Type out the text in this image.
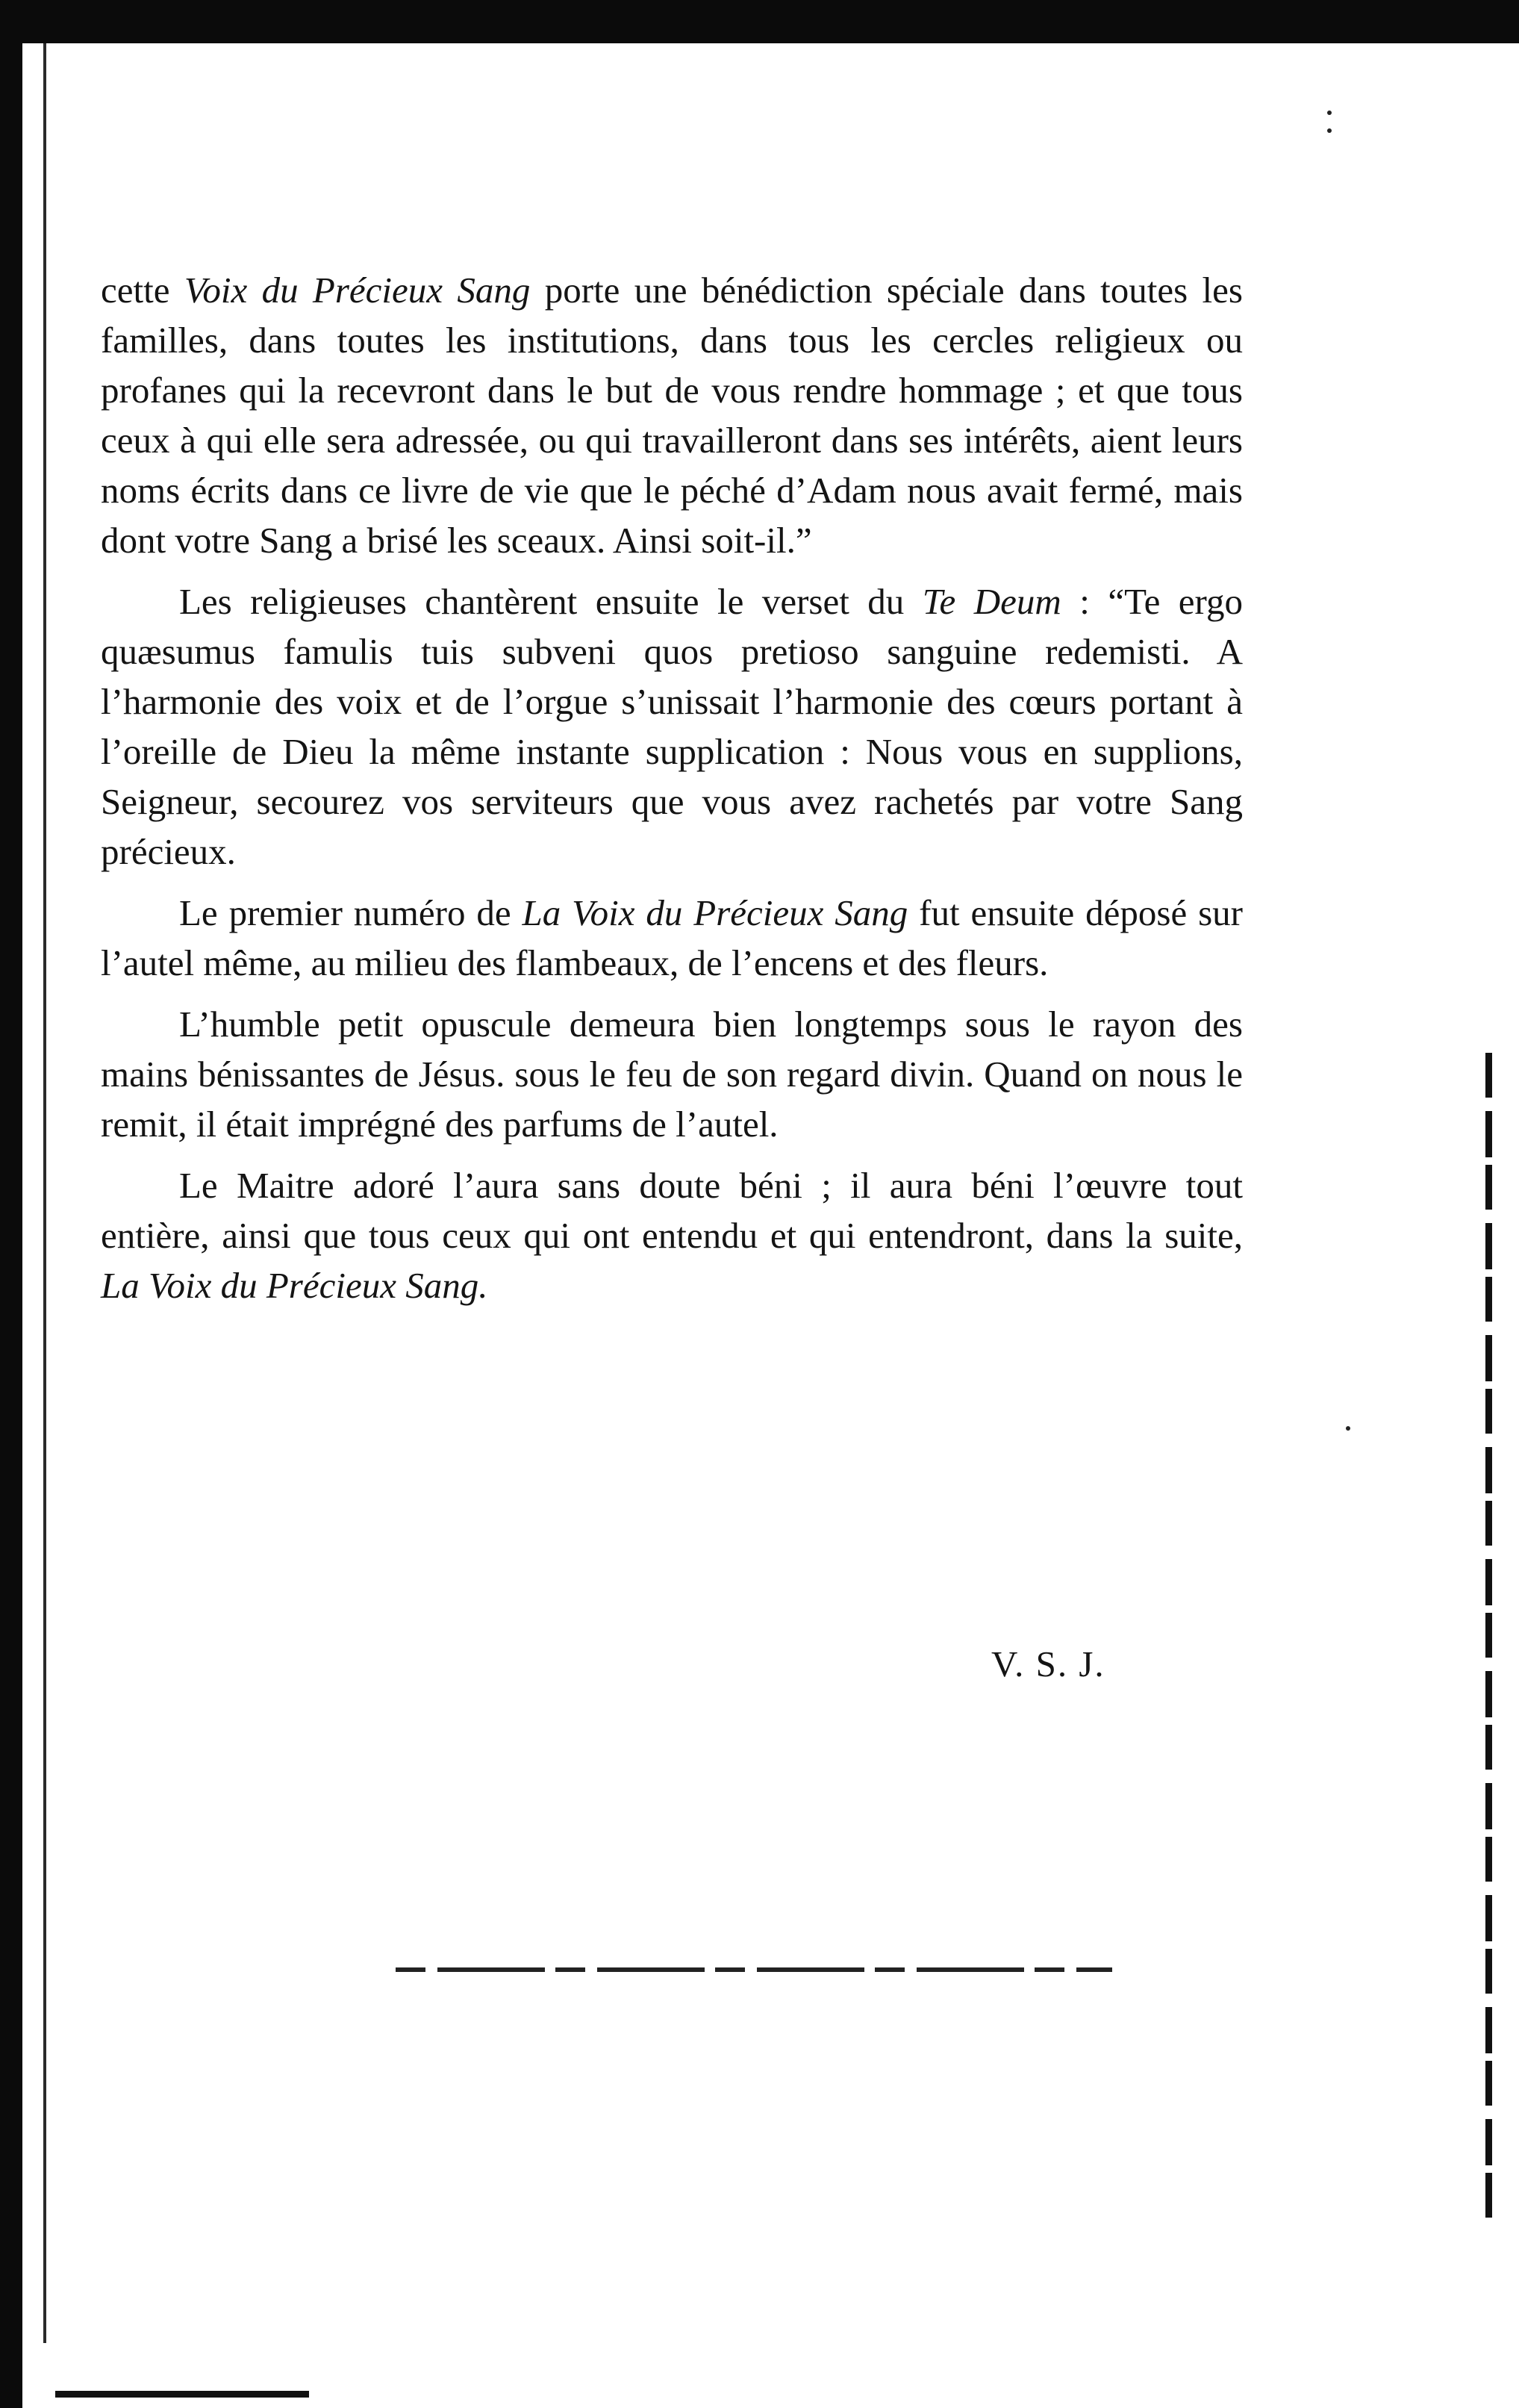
cette Voix du Précieux Sang porte une bénédiction spéciale dans toutes les familles, dans toutes les institutions, dans tous les cercles religieux ou profanes qui la recevront dans le but de vous rendre hommage ; et que tous ceux à qui elle sera adressée, ou qui travailleront dans ses intérêts, aient leurs noms écrits dans ce livre de vie que le péché d’Adam nous avait fermé, mais dont votre Sang a brisé les sceaux. Ainsi soit-il.”

Les religieuses chantèrent ensuite le verset du Te Deum : “Te ergo quæsumus famulis tuis subveni quos pretioso sanguine redemisti. A l’harmonie des voix et de l’orgue s’unissait l’harmonie des cœurs portant à l’oreille de Dieu la même instante supplication : Nous vous en supplions, Seigneur, secourez vos serviteurs que vous avez rachetés par votre Sang précieux.

Le premier numéro de La Voix du Précieux Sang fut ensuite déposé sur l’autel même, au milieu des flambeaux, de l’encens et des fleurs.

L’humble petit opuscule demeura bien longtemps sous le rayon des mains bénissantes de Jésus. sous le feu de son regard divin. Quand on nous le remit, il était imprégné des parfums de l’autel.

Le Maitre adoré l’aura sans doute béni ; il aura béni l’œuvre tout entière, ainsi que tous ceux qui ont entendu et qui entendront, dans la suite, La Voix du Précieux Sang.

V. S. J.
